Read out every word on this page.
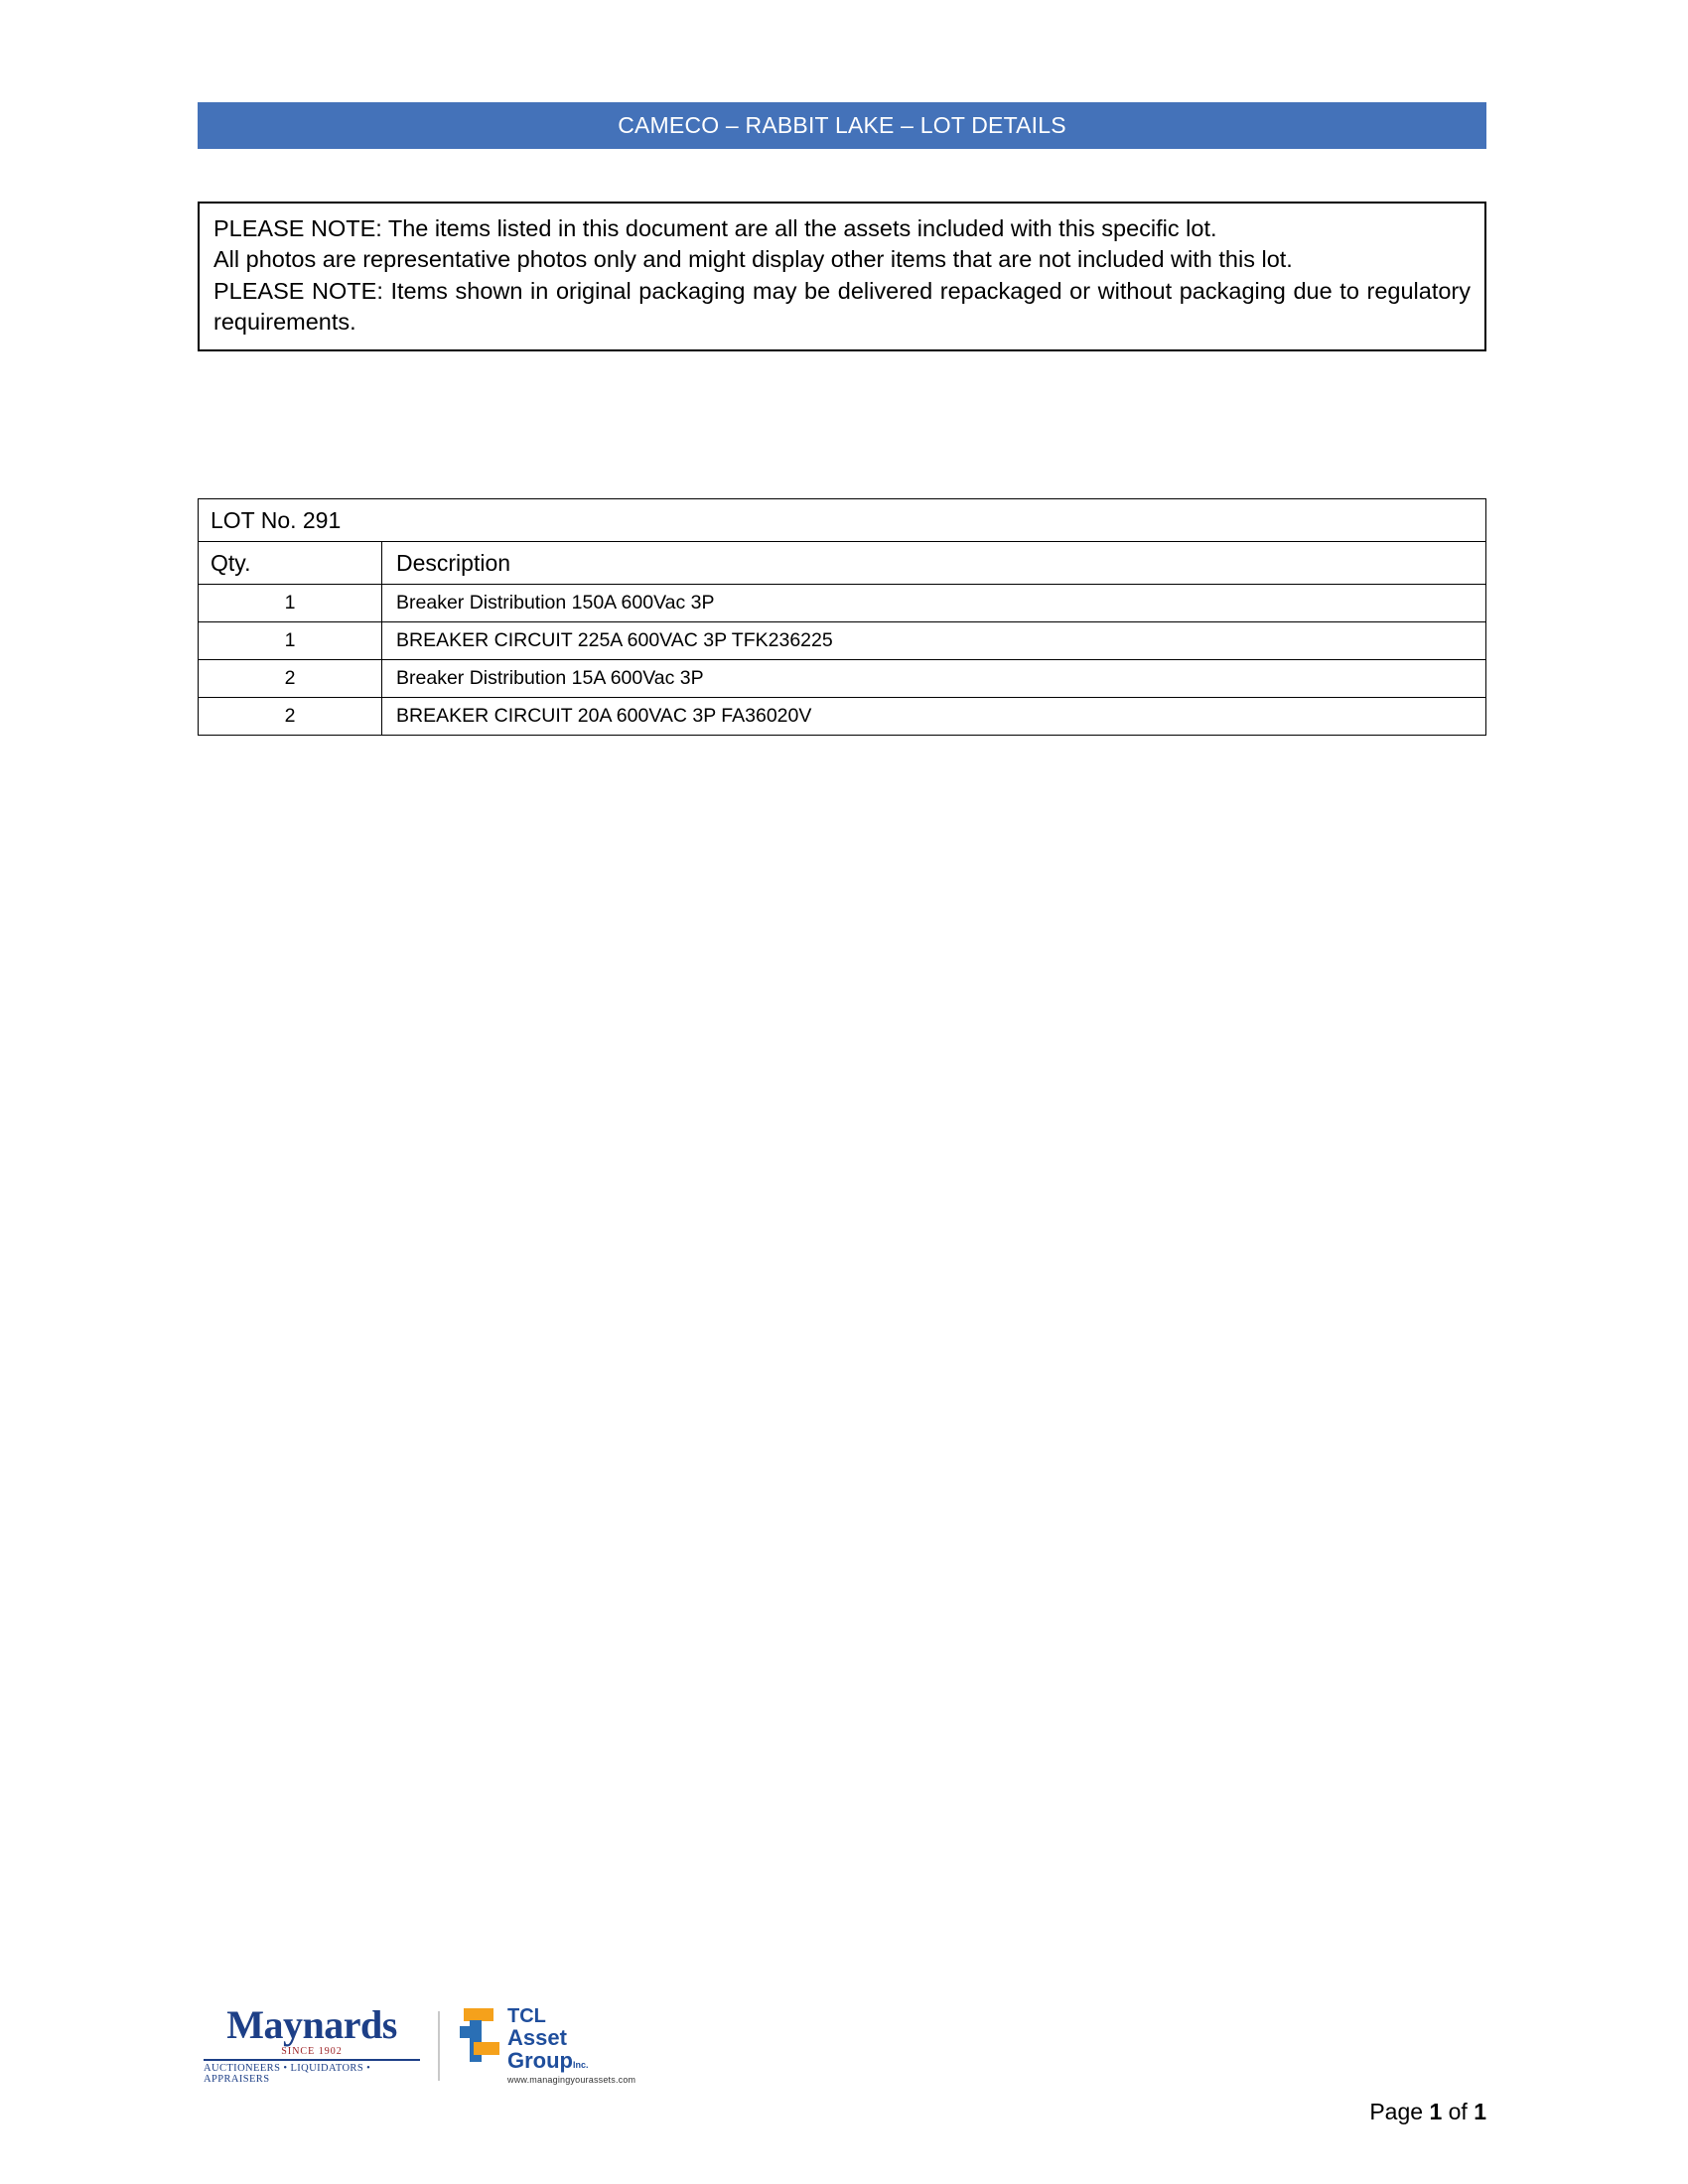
CAMECO – RABBIT LAKE – LOT DETAILS
PLEASE NOTE: The items listed in this document are all the assets included with this specific lot.
All photos are representative photos only and might display other items that are not included with this lot.
PLEASE NOTE: Items shown in original packaging may be delivered repackaged or without packaging due to regulatory requirements.
LOT No. 291	
Qty.	Description
1	Breaker Distribution 150A 600Vac 3P
1	BREAKER CIRCUIT 225A 600VAC 3P TFK236225
2	Breaker Distribution 15A 600Vac 3P
2	BREAKER CIRCUIT 20A 600VAC 3P FA36020V
Maynards
SINCE 1902
AUCTIONEERS • LIQUIDATORS • APPRAISERS
TCL
Asset
GroupInc.
www.managingyourassets.com
Page 1 of 1
